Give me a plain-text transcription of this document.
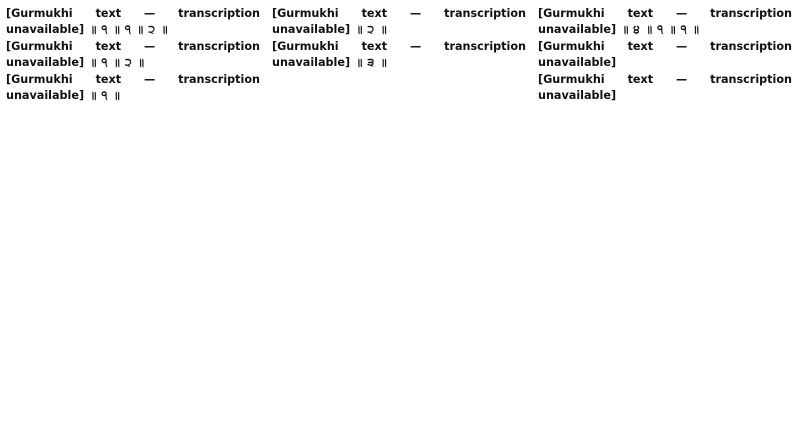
[Gurmukhi text — transcription unavailable] ॥ ੧ ॥ ੧ ॥ ੨ ॥

[Gurmukhi text — transcription unavailable] ॥ ੧ ॥ ੨ ॥

[Gurmukhi text — transcription unavailable] ॥ ੧ ॥

[Gurmukhi text — transcription unavailable] ॥ ੨ ॥

[Gurmukhi text — transcription unavailable] ॥ ੩ ॥

[Gurmukhi text — transcription unavailable] ॥ ੪ ॥ ੧ ॥ ੧ ॥

[Gurmukhi text — transcription unavailable]

[Gurmukhi text — transcription unavailable]
